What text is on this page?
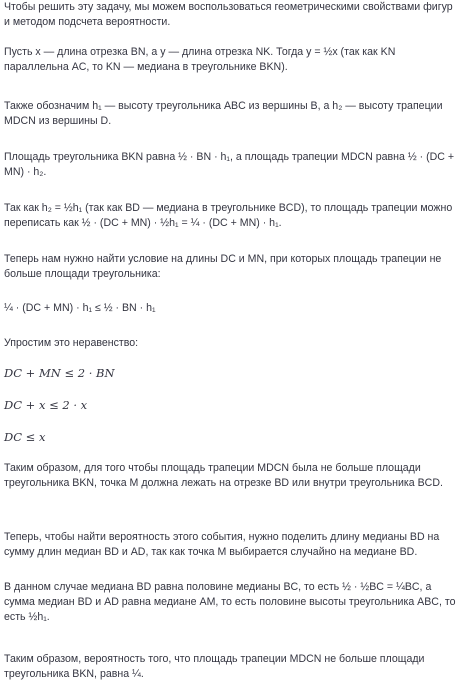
Чтобы решить эту задачу, мы можем воспользоваться геометрическими свойствами фигур и методом подсчета вероятности.

Пусть x — длина отрезка BN, а y — длина отрезка NK. Тогда y = ½x (так как KN параллельна AC, то KN — медиана в треугольнике BKN).

Также обозначим h₁ — высоту треугольника ABC из вершины B, а h₂ — высоту трапеции MDCN из вершины D.

Площадь треугольника BKN равна ½ · BN · h₁, а площадь трапеции MDCN равна ½ · (DC + MN) · h₂.

Так как h₂ = ½h₁ (так как BD — медиана в треугольнике BCD), то площадь трапеции можно переписать как ½ · (DC + MN) · ½h₁ = ¼ · (DC + MN) · h₁.

Теперь нам нужно найти условие на длины DC и MN, при которых площадь трапеции не больше площади треугольника:

¼ · (DC + MN) · h₁ ≤ ½ · BN · h₁

Упростим это неравенство:

DC + MN ≤ 2 · BN
DC + x ≤ 2 · x
DC ≤ x

Таким образом, для того чтобы площадь трапеции MDCN была не больше площади треугольника BKN, точка M должна лежать на отрезке BD или внутри треугольника BCD.

Теперь, чтобы найти вероятность этого события, нужно поделить длину медианы BD на сумму длин медиан BD и AD, так как точка M выбирается случайно на медиане BD.

В данном случае медиана BD равна половине медианы BC, то есть ½ · ½BC = ¼BC, а сумма медиан BD и AD равна медиане AM, то есть половине высоты треугольника ABC, то есть ½h₁.

Таким образом, вероятность того, что площадь трапеции MDCN не больше площади треугольника BKN, равна ¼.
